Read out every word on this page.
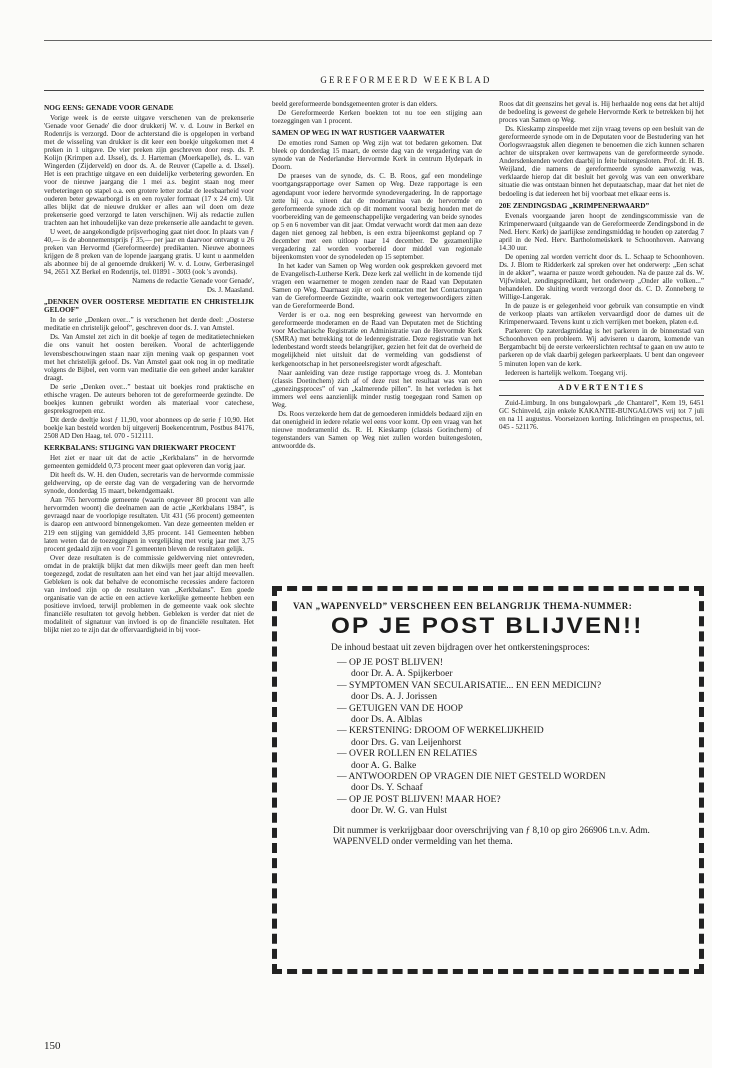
GEREFORMEERD WEEKBLAD
NOG EENS: GENADE VOOR GENADE

Vorige week is de eerste uitgave verschenen van de prekenserie 'Genade voor Genade' die door drukkerij W. v. d. Louw in Berkel en Rodenrijs is verzorgd. Door de achterstand die is opgelopen in verband met de wisseling van drukker is dit keer een boekje uitgekomen met 4 preken in 1 uitgave. De vier preken zijn geschreven door resp. ds. P. Kolijn (Krimpen a.d. IJssel), ds. J. Harteman (Moerkapelle), ds. L. van Wingerden (Zijderveld) en door ds. A. de Reuver (Capelle a. d. IJssel). Het is een prachtige uitgave en een duidelijke verbetering geworden. En voor de nieuwe jaargang die 1 mei a.s. begint staan nog meer verbeteringen op stapel o.a. een grotere letter zodat de leesbaarheid voor ouderen beter gewaarborgd is en een royaler formaat (17 x 24 cm). Uit alles blijkt dat de nieuwe drukker er alles aan wil doen om deze prekenserie goed verzorgd te laten verschijnen. Wij als redactie zullen trachten aan het inhoudelijke van deze prekenserie alle aandacht te geven.

U weet, de aangekondigde prijsverhoging gaat niet door. In plaats van ƒ 40,— is de abonnementsprijs ƒ 35,— per jaar en daarvoor ontvangt u 26 preken van Hervormd (Gereformeerde) predikanten. Nieuwe abonnees krijgen de 8 preken van de lopende jaargang gratis. U kunt u aanmelden als abonnee bij de al genoemde drukkerij W. v. d. Louw, Gerberasingel 94, 2651 XZ Berkel en Rodenrijs, tel. 01891 - 3003 (ook 's avonds).

Namens de redactie 'Genade voor Genade',

Ds. J. Maasland.

„DENKEN OVER OOSTERSE MEDITATIE EN CHRISTELIJK GELOOF”

In de serie „Denken over...” is verschenen het derde deel: „Oosterse meditatie en christelijk geloof”, geschreven door ds. J. van Amstel.

Ds. Van Amstel zet zich in dit boekje af tegen de meditatietechnieken die ons vanuit het oosten bereiken. Vooral de achterliggende levensbeschouwingen staan naar zijn mening vaak op gespannen voet met het christelijk geloof. Ds. Van Amstel gaat ook nog in op meditatie volgens de Bijbel, een vorm van meditatie die een geheel ander karakter draagt.

De serie „Denken over...” bestaat uit boekjes rond praktische en ethische vragen. De auteurs behoren tot de gereformeerde gezindte. De boekjes kunnen gebruikt worden als materiaal voor catechese, gespreksgroepen enz.

Dit derde deeltje kost ƒ 11,90, voor abonnees op de serie ƒ 10,90. Het boekje kan besteld worden bij uitgeverij Boekencentrum, Postbus 84176, 2508 AD Den Haag, tel. 070 - 512111.

KERKBALANS: STIJGING VAN DRIEKWART PROCENT

Het ziet er naar uit dat de actie „Kerkbalans” in de hervormde gemeenten gemiddeld 0,73 procent meer gaat opleveren dan vorig jaar.

Dit heeft ds. W. H. den Ouden, secretaris van de hervormde commissie geldwerving, op de eerste dag van de vergadering van de hervormde synode, donderdag 15 maart, bekendgemaakt.

Aan 765 hervormde gemeente (waarin ongeveer 80 procent van alle hervormden woont) die deelnamen aan de actie „Kerkbalans 1984”, is gevraagd naar de voorlopige resultaten. Uit 431 (56 procent) gemeenten is daarop een antwoord binnengekomen. Van deze gemeenten melden er 219 een stijging van gemiddeld 3,85 procent. 141 Gemeenten hebben laten weten dat de toezeggingen in vergelijking met vorig jaar met 3,75 procent gedaald zijn en voor 71 gemeenten bleven de resultaten gelijk.

Over deze resultaten is de commissie geldwerving niet ontevreden, omdat in de praktijk blijkt dat men dikwijls meer geeft dan men heeft toegezegd, zodat de resultaten aan het eind van het jaar altijd meevallen. Gebleken is ook dat behalve de economische recessies andere factoren van invloed zijn op de resultaten van „Kerkbalans”. Een goede organisatie van de actie en een actieve kerkelijke gemeente hebben een positieve invloed, terwijl problemen in de gemeente vaak ook slechte financiële resultaten tot gevolg hebben. Gebleken is verder dat niet de modaliteit of signatuur van invloed is op de financiële resultaten. Het blijkt niet zo te zijn dat de offervaardigheid in bij voor-

beeld gereformeerde bondsgemeenten groter is dan elders.

De Gereformeerde Kerken boekten tot nu toe een stijging aan toezeggingen van 1 procent.

SAMEN OP WEG IN WAT RUSTIGER VAARWATER

De emoties rond Samen op Weg zijn wat tot bedaren gekomen. Dat bleek op donderdag 15 maart, de eerste dag van de vergadering van de synode van de Nederlandse Hervormde Kerk in centrum Hydepark in Doorn.

De praeses van de synode, ds. C. B. Roos, gaf een mondelinge voortgangsrapportage over Samen op Weg. Deze rapportage is een agendapunt voor iedere hervormde synodevergadering. In de rapportage zette hij o.a. uiteen dat de moderamina van de hervormde en gereformeerde synode zich op dit moment vooral bezig houden met de voorbereiding van de gemeenschappelijke vergadering van beide synodes op 5 en 6 november van dit jaar. Omdat verwacht wordt dat men aan deze dagen niet genoeg zal hebben, is een extra bijeenkomst gepland op 7 december met een uitloop naar 14 december. De gezamenlijke vergadering zal worden voorbereid door middel van regionale bijeenkomsten voor de synodeleden op 15 september.

In het kader van Samen op Weg worden ook gesprekken gevoerd met de Evangelisch-Lutherse Kerk. Deze kerk zal wellicht in de komende tijd vragen een waarnemer te mogen zenden naar de Raad van Deputaten Samen op Weg. Daarnaast zijn er ook contacten met het Contactorgaan van de Gereformeerde Gezindte, waarin ook vertegenwoordigers zitten van de Gereformeerde Bond.

Verder is er o.a. nog een bespreking geweest van hervormde en gereformeerde moderamen en de Raad van Deputaten met de Stichting voor Mechanische Registratie en Administratie van de Hervormde Kerk (SMRA) met betrekking tot de ledenregistratie. Deze registratie van het ledenbestand wordt steeds belangrijker, gezien het feit dat de overheid de mogelijkheid niet uitsluit dat de vermelding van godsdienst of kerkgenootschap in het personeelsregister wordt afgeschaft.

Naar aanleiding van deze rustige rapportage vroeg ds. J. Monteban (classis Doetinchem) zich af of deze rust het resultaat was van een „genezingsproces” of van „kalmerende pillen”. In het verleden is het immers wel eens aanzienlijk minder rustig toegegaan rond Samen op Weg.

Ds. Roos verzekerde hem dat de gemoederen inmiddels bedaard zijn en dat onenigheid in iedere relatie wel eens voor komt. Op een vraag van het nieuwe moderamenlid ds. R. H. Kieskamp (classis Gorinchem) of tegenstanders van Samen op Weg niet zullen worden buitengesloten, antwoordde ds.

Roos dat dit geenszins het geval is. Hij herhaalde nog eens dat het altijd de bedoeling is geweest de gehele Hervormde Kerk te betrekken bij het proces van Samen op Weg.

Ds. Kieskamp zinspeelde met zijn vraag tevens op een besluit van de gereformeerde synode om in de Deputaten voor de Bestudering van het Oorlogsvraagstuk allen diegenen te benoemen die zich kunnen scharen achter de uitspraken over kernwapens van de gereformeerde synode. Andersdenkenden worden daarbij in feite buitengesloten. Prof. dr. H. B. Weijland, die namens de gereformeerde synode aanwezig was, verklaarde hierop dat dit besluit het gevolg was van een onwerkbare situatie die was ontstaan binnen het deputaatschap, maar dat het niet de bedoeling is dat iedereen het bij voorbaat met elkaar eens is.

20E ZENDINGSDAG „KRIMPENERWAARD”

Evenals voorgaande jaren hoopt de zendingscommissie van de Krimpenerwaard (uitgaande van de Gereformeerde Zendingsbond in de Ned. Herv. Kerk) de jaarlijkse zendingsmiddag te houden op zaterdag 7 april in de Ned. Herv. Bartholomeüskerk te Schoonhoven. Aanvang 14.30 uur.

De opening zal worden verricht door ds. L. Schaap te Schoonhoven. Ds. J. Blom te Ridderkerk zal spreken over het onderwerp: „Een schat in de akker”, waarna er pauze wordt gehouden. Na de pauze zal ds. W. Vijfwinkel, zendingspredikant, het onderwerp „Onder alle volken...” behandelen. De sluiting wordt verzorgd door ds. C. D. Zonneberg te Willige-Langerak.

In de pauze is er gelegenheid voor gebruik van consumptie en vindt de verkoop plaats van artikelen vervaardigd door de dames uit de Krimpenerwaard. Tevens kunt u zich verrijken met boeken, platen e.d.

Parkeren: Op zaterdagmiddag is het parkeren in de binnenstad van Schoonhoven een probleem. Wij adviseren u daarom, komende van Bergambacht bij de eerste verkeerslichten rechtsaf te gaan en uw auto te parkeren op de vlak daarbij gelegen parkeerplaats. U bent dan ongeveer 5 minuten lopen van de kerk.

Iedereen is hartelijk welkom. Toegang vrij.

ADVERTENTIES

Zuid-Limburg. In ons bungalowpark „de Chantarel”, Kem 19, 6451 GC Schinveld, zijn enkele KAKANTIE-BUNGALOWS vrij tot 7 juli en na 11 augustus. Voorseizoen korting. Inlichtingen en prospectus, tel. 045 - 521176.

VAN „WAPENVELD” VERSCHEEN EEN BELANGRIJK THEMA-NUMMER:
OP JE POST BLIJVEN!!
De inhoud bestaat uit zeven bijdragen over het ontkersteningsproces:
— OP JE POST BLIJVEN!
door Dr. A. A. Spijkerboer
— SYMPTOMEN VAN SECULARISATIE... EN EEN MEDICIJN?
door Ds. A. J. Jorissen
— GETUIGEN VAN DE HOOP
door Ds. A. Alblas
— KERSTENING: DROOM OF WERKELIJKHEID
door Drs. G. van Leijenhorst
— OVER ROLLEN EN RELATIES
door A. G. Balke
— ANTWOORDEN OP VRAGEN DIE NIET GESTELD WORDEN
door Ds. Y. Schaaf
— OP JE POST BLIJVEN! MAAR HOE?
door Dr. W. G. van Hulst
Dit nummer is verkrijgbaar door overschrijving van ƒ 8,10 op giro 266906 t.n.v. Adm. WAPENVELD onder vermelding van het thema.
150
